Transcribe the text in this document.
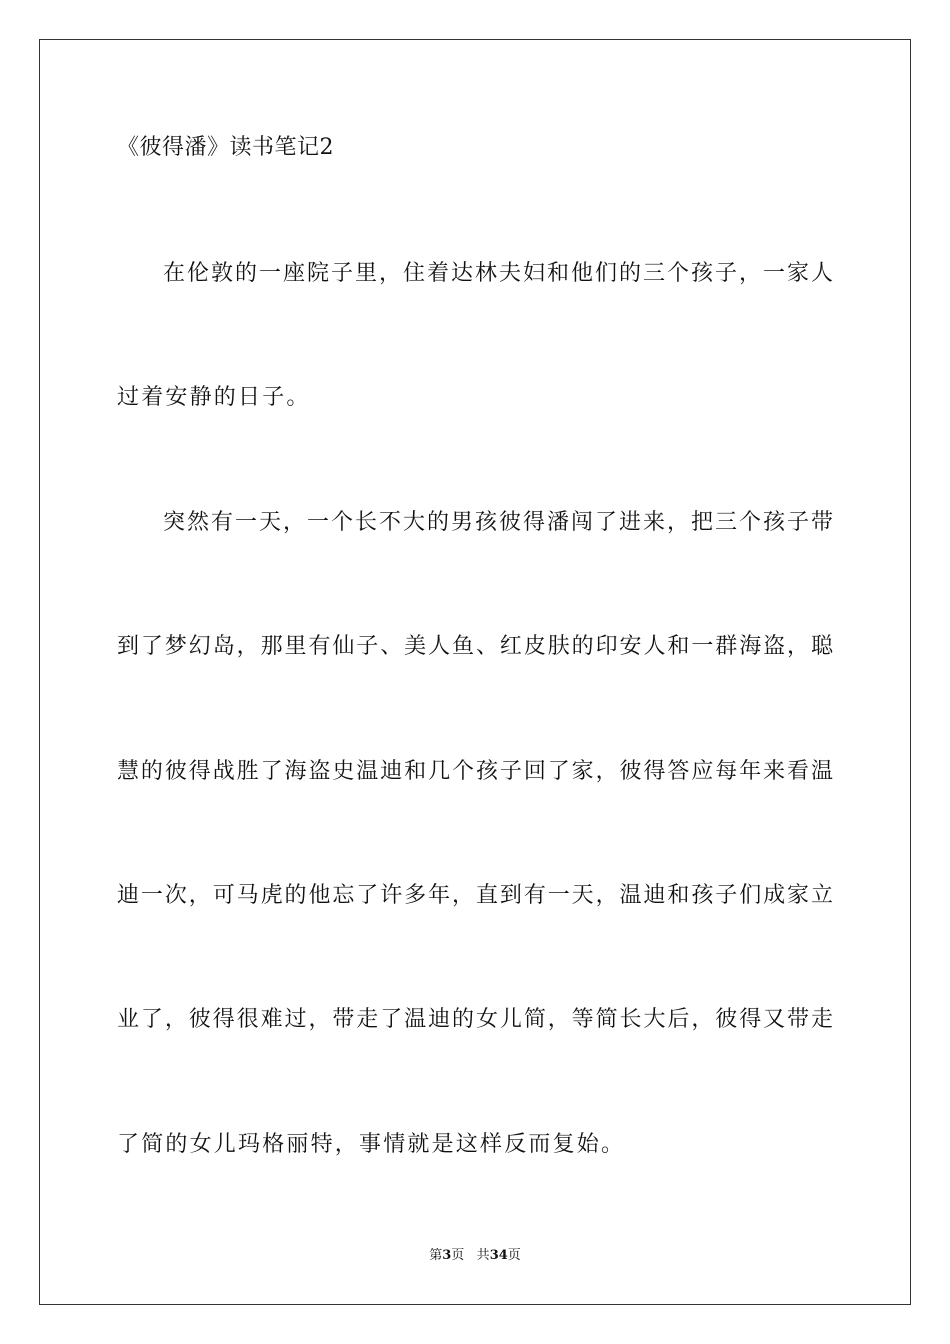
《彼得潘》读书笔记2
在伦敦的一座院子里，住着达林夫妇和他们的三个孩子，一家人
过着安静的日子。
突然有一天，一个长不大的男孩彼得潘闯了进来，把三个孩子带
到了梦幻岛，那里有仙子、美人鱼、红皮肤的印安人和一群海盗，聪
慧的彼得战胜了海盗史温迪和几个孩子回了家，彼得答应每年来看温
迪一次，可马虎的他忘了许多年，直到有一天，温迪和孩子们成家立
业了，彼得很难过，带走了温迪的女儿简，等简长大后，彼得又带走
了简的女儿玛格丽特，事情就是这样反而复始。
第3页 共34页
